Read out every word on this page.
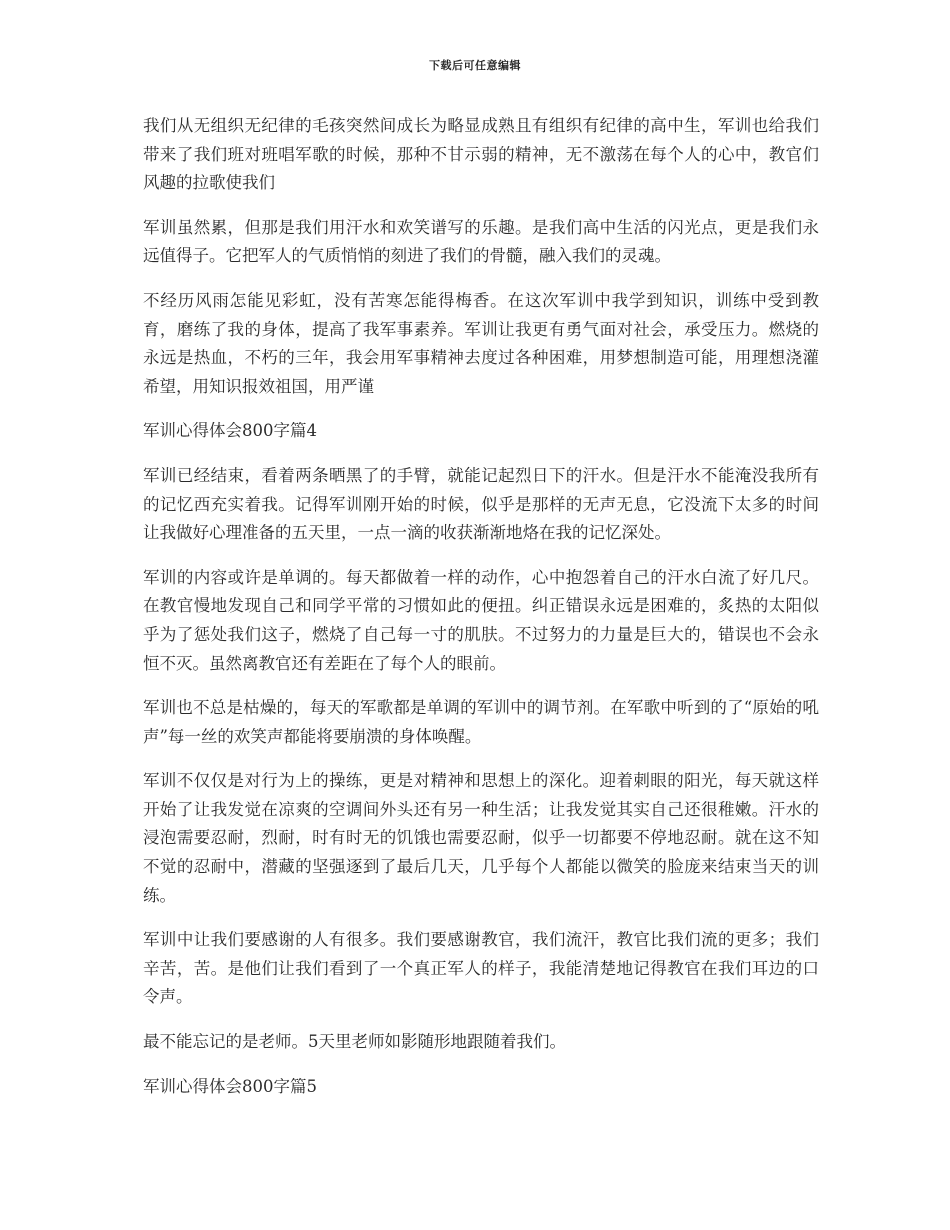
下载后可任意编辑

我们从无组织无纪律的毛孩突然间成长为略显成熟且有组织有纪律的高中生，军训也给我们带来了我们班对班唱军歌的时候，那种不甘示弱的精神，无不激荡在每个人的心中，教官们风趣的拉歌使我们

军训虽然累，但那是我们用汗水和欢笑谱写的乐趣。是我们高中生活的闪光点，更是我们永远值得子。它把军人的气质悄悄的刻进了我们的骨髓，融入我们的灵魂。

不经历风雨怎能见彩虹，没有苦寒怎能得梅香。在这次军训中我学到知识，训练中受到教育，磨练了我的身体，提高了我军事素养。军训让我更有勇气面对社会，承受压力。燃烧的永远是热血，不朽的三年，我会用军事精神去度过各种困难，用梦想制造可能，用理想浇灌希望，用知识报效祖国，用严谨

军训心得体会800字篇4

军训已经结束，看着两条晒黑了的手臂，就能记起烈日下的汗水。但是汗水不能淹没我所有的记忆西充实着我。记得军训刚开始的时候，似乎是那样的无声无息，它没流下太多的时间让我做好心理准备的五天里，一点一滴的收获渐渐地烙在我的记忆深处。

军训的内容或许是单调的。每天都做着一样的动作，心中抱怨着自己的汗水白流了好几尺。在教官慢地发现自己和同学平常的习惯如此的便扭。纠正错误永远是困难的，炙热的太阳似乎为了惩处我们这子，燃烧了自己每一寸的肌肤。不过努力的力量是巨大的，错误也不会永恒不灭。虽然离教官还有差距在了每个人的眼前。

军训也不总是枯燥的，每天的军歌都是单调的军训中的调节剂。在军歌中听到的了“原始的吼声”每一丝的欢笑声都能将要崩溃的身体唤醒。

军训不仅仅是对行为上的操练，更是对精神和思想上的深化。迎着刺眼的阳光，每天就这样开始了让我发觉在凉爽的空调间外头还有另一种生活；让我发觉其实自己还很稚嫩。汗水的浸泡需要忍耐，烈耐，时有时无的饥饿也需要忍耐，似乎一切都要不停地忍耐。就在这不知不觉的忍耐中，潜藏的坚强逐到了最后几天，几乎每个人都能以微笑的脸庞来结束当天的训练。

军训中让我们要感谢的人有很多。我们要感谢教官，我们流汗，教官比我们流的更多；我们辛苦，苦。是他们让我们看到了一个真正军人的样子，我能清楚地记得教官在我们耳边的口令声。

最不能忘记的是老师。5天里老师如影随形地跟随着我们。

军训心得体会800字篇5
